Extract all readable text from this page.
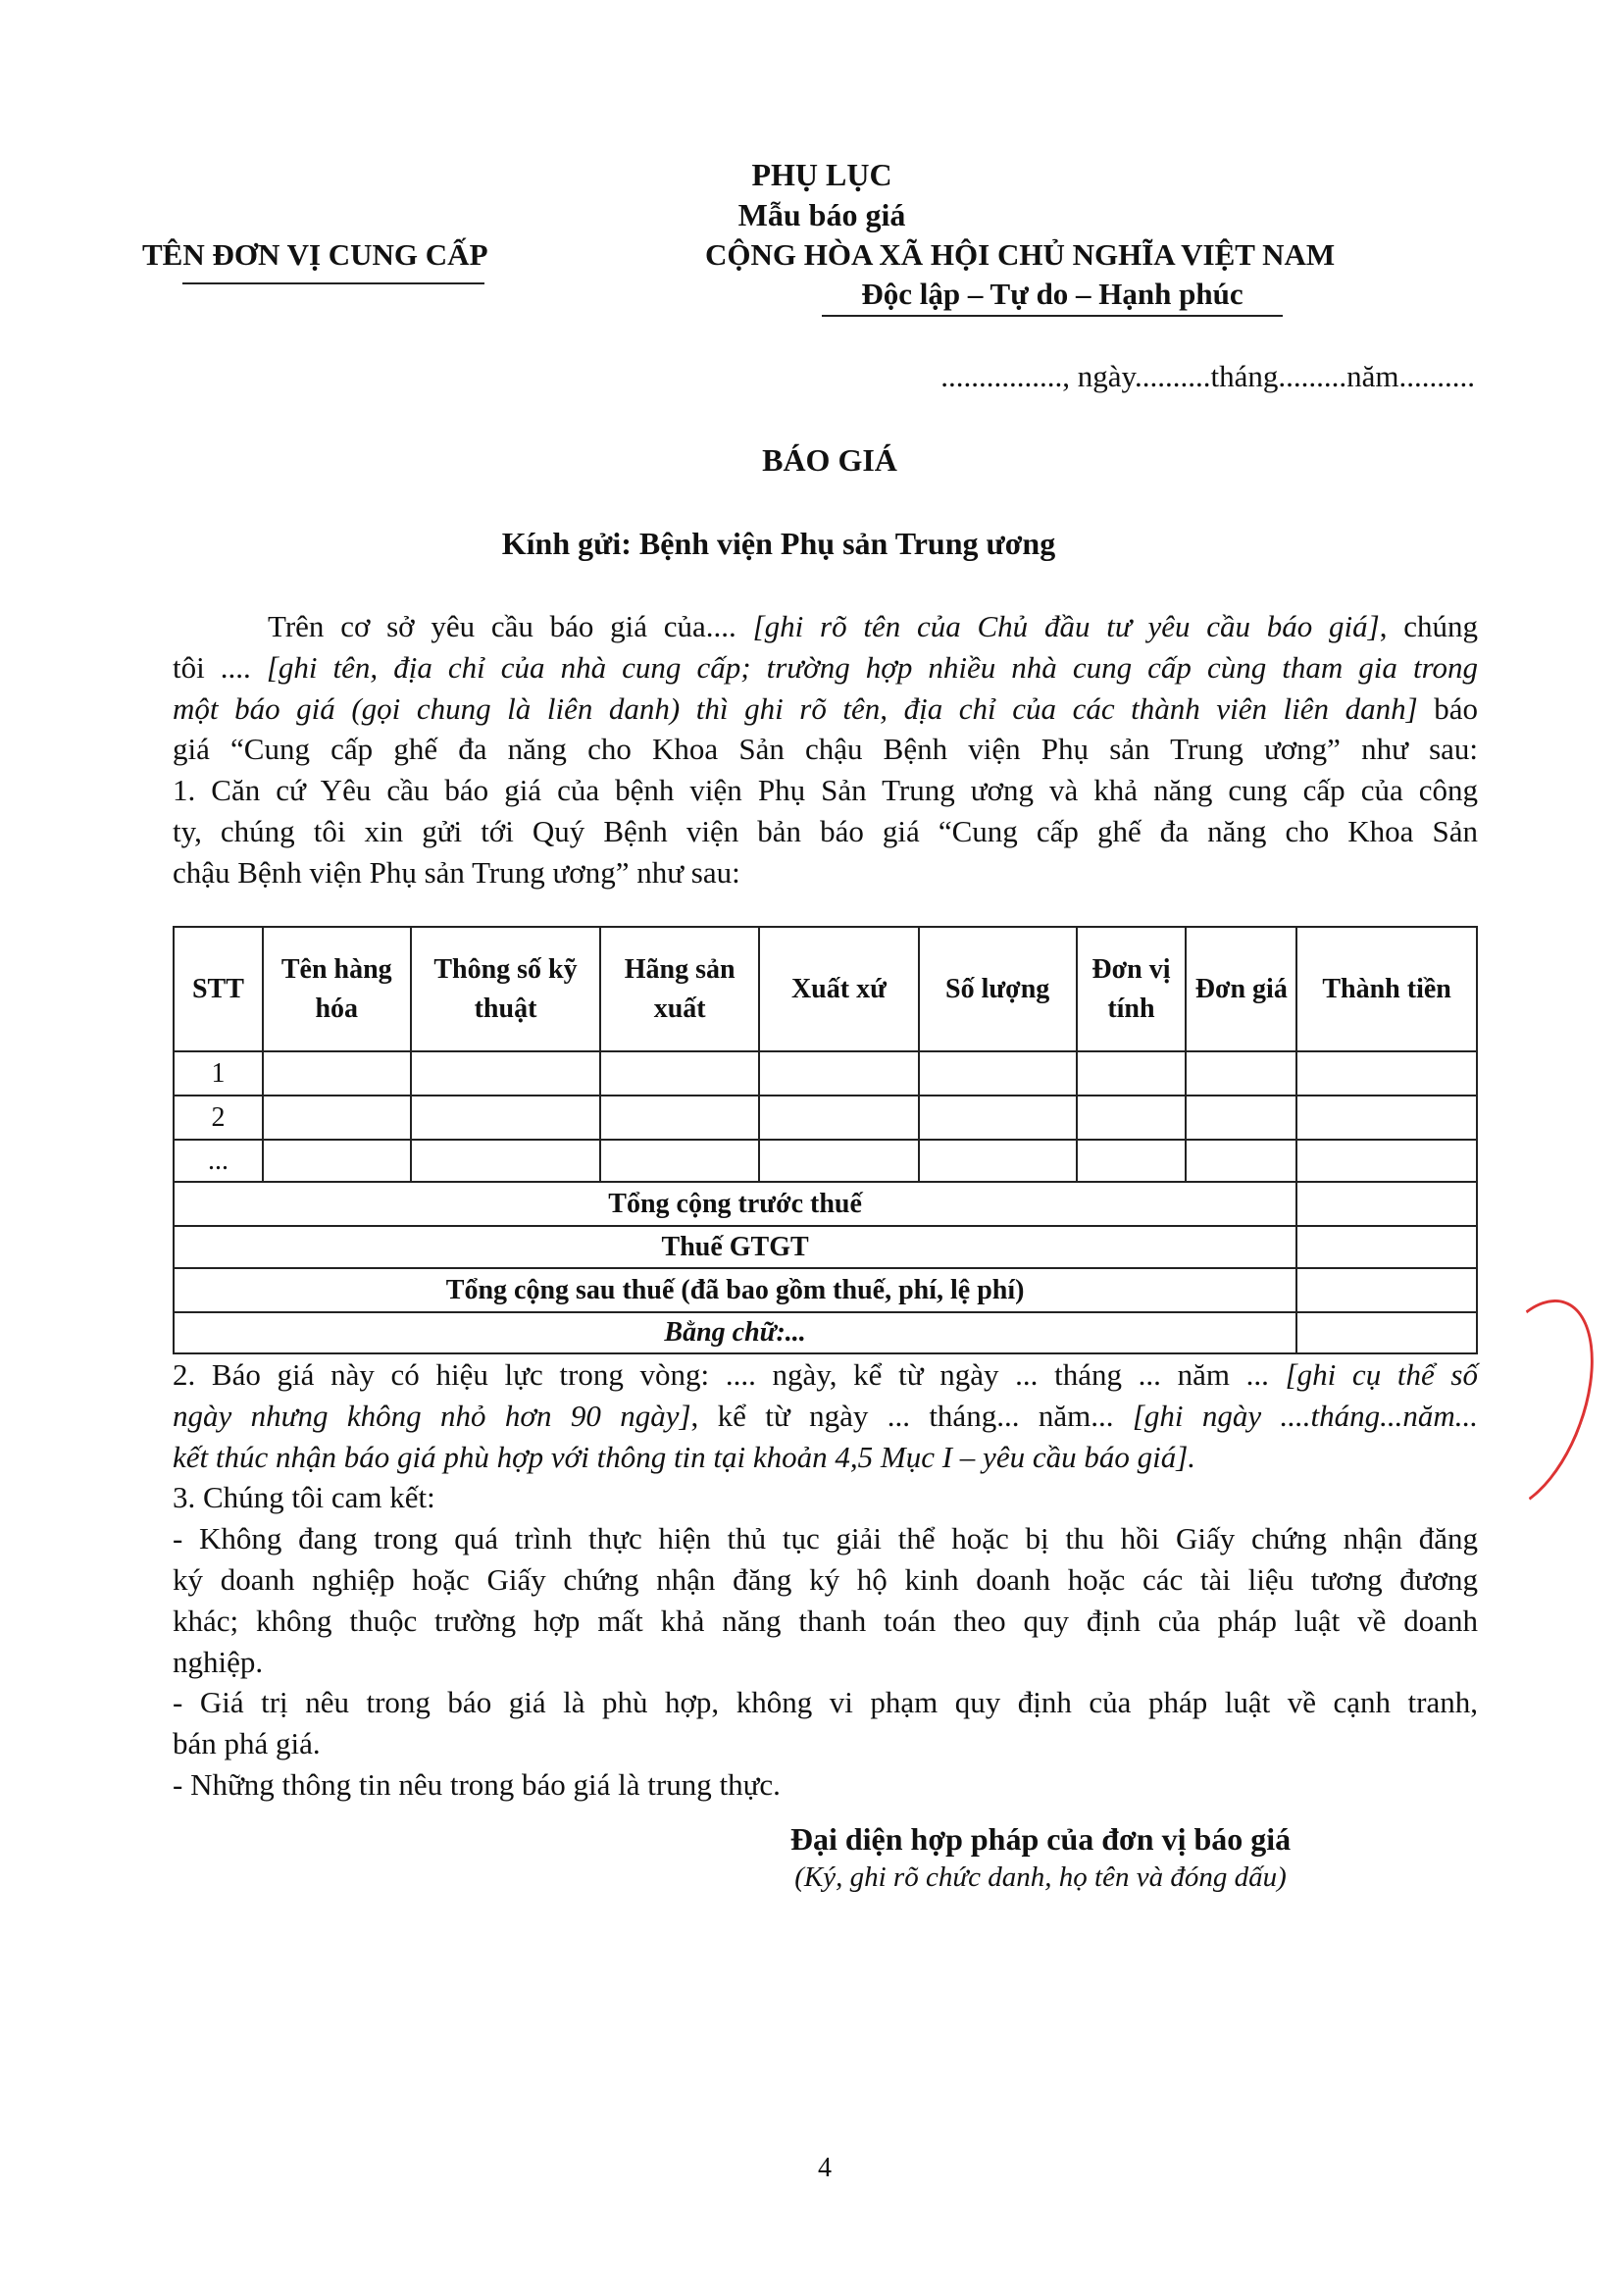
PHỤ LỤC
Mẫu báo giá
TÊN ĐƠN VỊ CUNG CẤP	CỘNG HÒA XÃ HỘI CHỦ NGHĨA VIỆT NAM
Độc lập – Tự do – Hạnh phúc
................, ngày..........tháng.........năm..........
BÁO GIÁ
Kính gửi: Bệnh viện Phụ sản Trung ương
Trên cơ sở yêu cầu báo giá của.... [ghi rõ tên của Chủ đầu tư yêu cầu báo giá], chúng
tôi .... [ghi tên, địa chỉ của nhà cung cấp; trường hợp nhiều nhà cung cấp cùng tham gia trong
một báo giá (gọi chung là liên danh) thì ghi rõ tên, địa chỉ của các thành viên liên danh] báo
giá “Cung cấp ghế đa năng cho Khoa Sản chậu Bệnh viện Phụ sản Trung ương” như sau:
1. Căn cứ Yêu cầu báo giá của bệnh viện Phụ Sản Trung ương và khả năng cung cấp của công
ty, chúng tôi xin gửi tới Quý Bệnh viện bản báo giá “Cung cấp ghế đa năng cho Khoa Sản
chậu Bệnh viện Phụ sản Trung ương” như sau:
STT	Tên hàng hóa	Thông số kỹ thuật	Hãng sản xuất	Xuất xứ	Số lượng	Đơn vị tính	Đơn giá	Thành tiền
1								
2								
...								
Tổng cộng trước thuế								
Thuế GTGT								
Tổng cộng sau thuế (đã bao gồm thuế, phí, lệ phí)								
Bằng chữ:...								
2. Báo giá này có hiệu lực trong vòng: .... ngày, kể từ ngày ... tháng ... năm ... [ghi cụ thể số
ngày nhưng không nhỏ hơn 90 ngày], kể từ ngày ... tháng... năm... [ghi ngày ....tháng...năm...
kết thúc nhận báo giá phù hợp với thông tin tại khoản 4,5 Mục I – yêu cầu báo giá].
3. Chúng tôi cam kết:
- Không đang trong quá trình thực hiện thủ tục giải thể hoặc bị thu hồi Giấy chứng nhận đăng
ký doanh nghiệp hoặc Giấy chứng nhận đăng ký hộ kinh doanh hoặc các tài liệu tương đương
khác; không thuộc trường hợp mất khả năng thanh toán theo quy định của pháp luật về doanh
nghiệp.
- Giá trị nêu trong báo giá là phù hợp, không vi phạm quy định của pháp luật về cạnh tranh,
bán phá giá.
- Những thông tin nêu trong báo giá là trung thực.
Đại diện hợp pháp của đơn vị báo giá
(Ký, ghi rõ chức danh, họ tên và đóng dấu)
4
